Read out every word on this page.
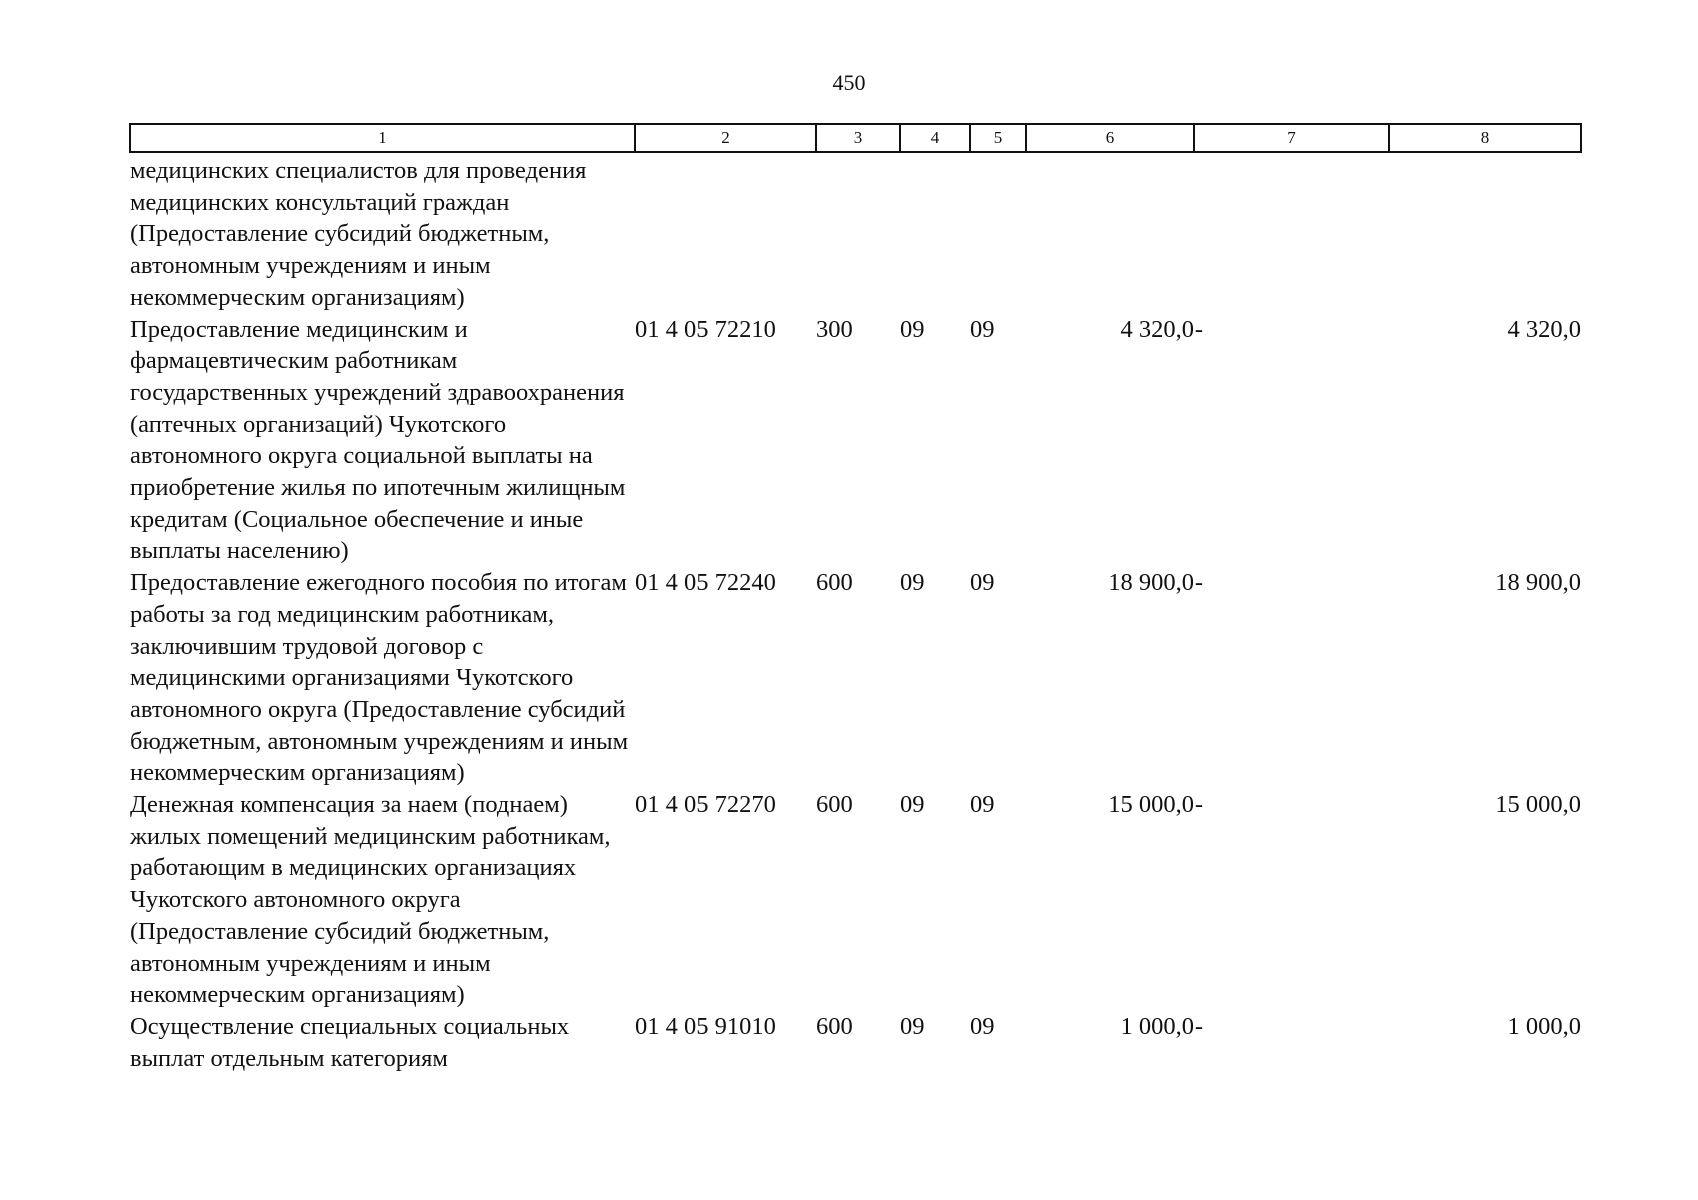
450
1	2	3	4	5	6	7	8
медицинских специалистов для проведения медицинских консультаций граждан (Предоставление субсидий бюджетным, автономным учреждениям и иным некоммерческим организациям)							
Предоставление медицинским и фармацевтическим работникам государственных учреждений здравоохранения (аптечных организаций) Чукотского автономного округа социальной выплаты на приобретение жилья по ипотечным жилищным кредитам (Социальное обеспечение и иные выплаты населению)	01 4 05 72210	300	09	09	4 320,0	-	4 320,0
Предоставление ежегодного пособия по итогам работы за год медицинским работникам, заключившим трудовой договор с медицинскими организациями Чукотского автономного округа (Предоставление субсидий бюджетным, автономным учреждениям и иным некоммерческим организациям)	01 4 05 72240	600	09	09	18 900,0	-	18 900,0
Денежная компенсация за наем (поднаем) жилых помещений медицинским работникам, работающим в медицинских организациях Чукотского автономного округа (Предоставление субсидий бюджетным, автономным учреждениям и иным некоммерческим организациям)	01 4 05 72270	600	09	09	15 000,0	-	15 000,0
Осуществление специальных социальных выплат отдельным категориям	01 4 05 91010	600	09	09	1 000,0	-	1 000,0
